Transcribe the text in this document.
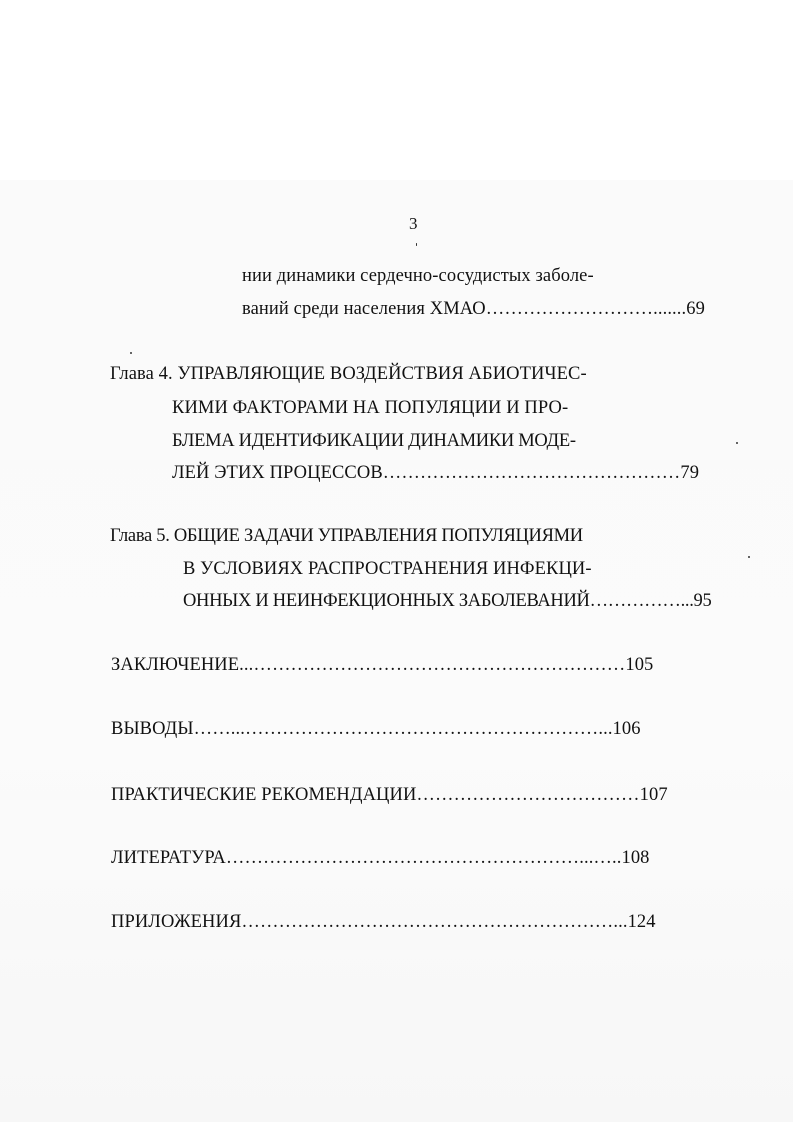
3
нии динамики сердечно-сосудистых заболе-
ваний среди населения ХМАО……………………….......69
Глава 4. УПРАВЛЯЮЩИЕ ВОЗДЕЙСТВИЯ АБИОТИЧЕС-
КИМИ ФАКТОРАМИ НА ПОПУЛЯЦИИ И ПРО-
БЛЕМА ИДЕНТИФИКАЦИИ ДИНАМИКИ МОДЕ-
ЛЕЙ ЭТИХ ПРОЦЕССОВ…………………………………………79
Глава 5. ОБЩИЕ ЗАДАЧИ УПРАВЛЕНИЯ ПОПУЛЯЦИЯМИ
В УСЛОВИЯХ РАСПРОСТРАНЕНИЯ ИНФЕКЦИ-
ОННЫХ И НЕИНФЕКЦИОННЫХ ЗАБОЛЕВАНИЙ……………...95
ЗАКЛЮЧЕНИЕ...……………………………………………………105
ВЫВОДЫ……...…………………………………………………...106
ПРАКТИЧЕСКИЕ РЕКОМЕНДАЦИИ………………………………107
ЛИТЕРАТУРА…………………………………………………...…..108
ПРИЛОЖЕНИЯ……………………………………………………...124
